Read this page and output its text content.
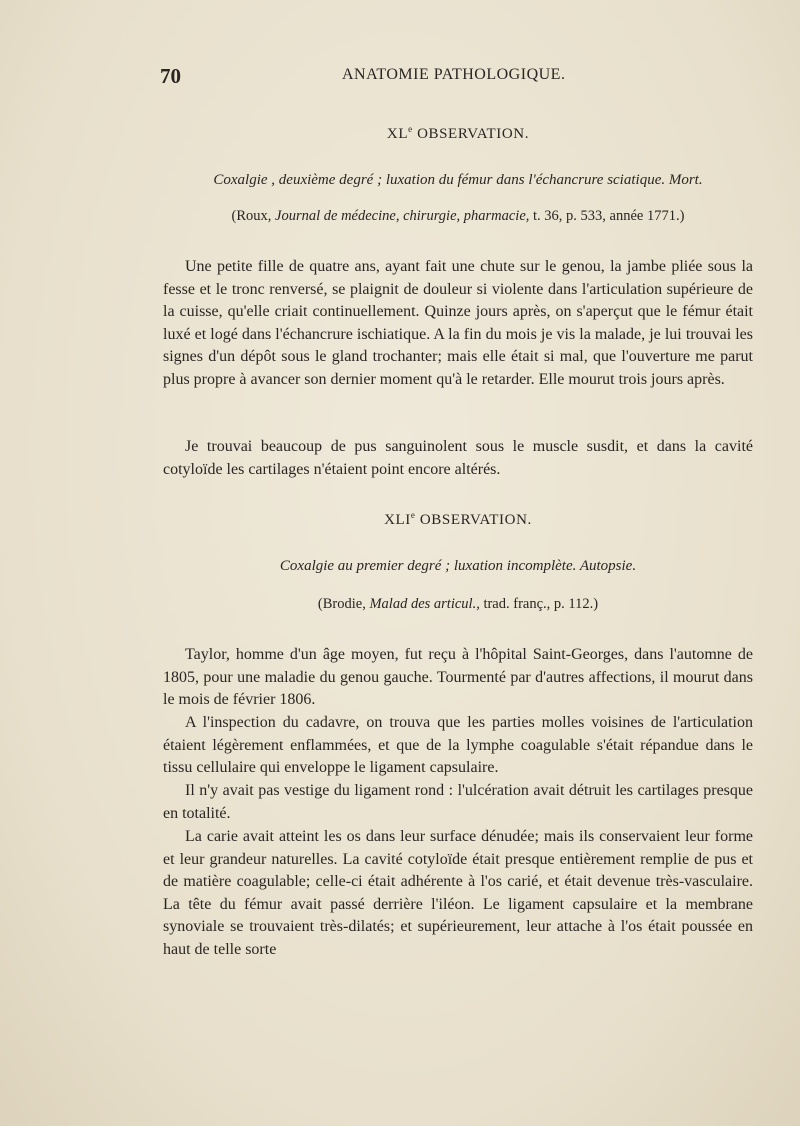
70	ANATOMIE PATHOLOGIQUE.
XLe OBSERVATION.
Coxalgie , deuxième degré ; luxation du fémur dans l'échancrure sciatique. Mort.
(Roux, Journal de médecine, chirurgie, pharmacie, t. 36, p. 533, année 1771.)

Une petite fille de quatre ans, ayant fait une chute sur le genou, la jambe pliée sous la fesse et le tronc renversé, se plaignit de douleur si violente dans l'articulation supérieure de la cuisse, qu'elle criait continuellement. Quinze jours après, on s'aperçut que le fémur était luxé et logé dans l'échancrure ischiatique. A la fin du mois je vis la malade, je lui trouvai les signes d'un dépôt sous le gland trochanter; mais elle était si mal, que l'ouverture me parut plus propre à avancer son dernier moment qu'à le retarder. Elle mourut trois jours après.

Je trouvai beaucoup de pus sanguinolent sous le muscle susdit, et dans la cavité cotyloïde les cartilages n'étaient point encore altérés.

XLIe OBSERVATION.
Coxalgie au premier degré ; luxation incomplète. Autopsie.
(Brodie, Malad des articul., trad. franç., p. 112.)

Taylor, homme d'un âge moyen, fut reçu à l'hôpital Saint-Georges, dans l'automne de 1805, pour une maladie du genou gauche. Tourmenté par d'autres affections, il mourut dans le mois de février 1806.

A l'inspection du cadavre, on trouva que les parties molles voisines de l'articulation étaient légèrement enflammées, et que de la lymphe coagulable s'était répandue dans le tissu cellulaire qui enveloppe le ligament capsulaire.

Il n'y avait pas vestige du ligament rond : l'ulcération avait détruit les cartilages presque en totalité.

La carie avait atteint les os dans leur surface dénudée; mais ils conservaient leur forme et leur grandeur naturelles. La cavité cotyloïde était presque entièrement remplie de pus et de matière coagulable; celle-ci était adhérente à l'os carié, et était devenue très-vasculaire. La tête du fémur avait passé derrière l'iléon. Le ligament capsulaire et la membrane synoviale se trouvaient très-dilatés; et supérieurement, leur attache à l'os était poussée en haut de telle sorte
